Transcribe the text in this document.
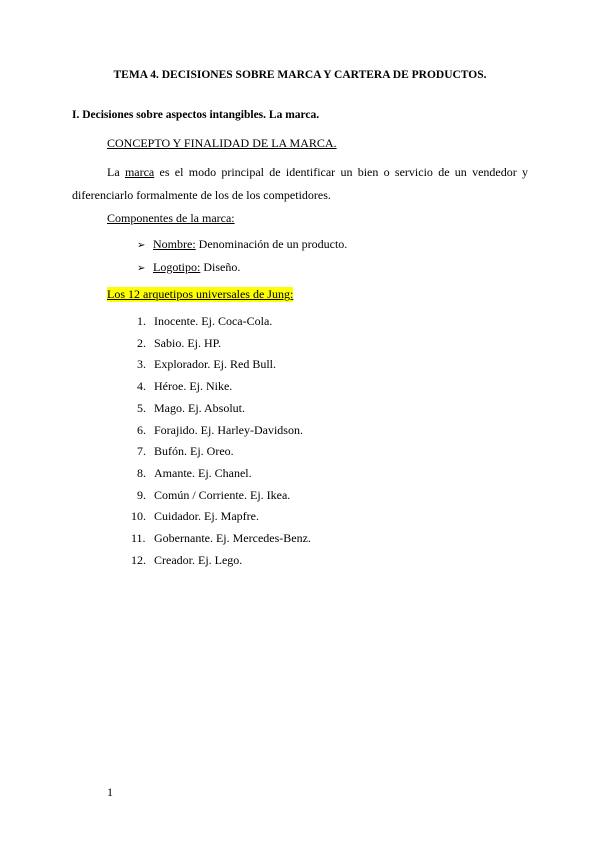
TEMA 4. DECISIONES SOBRE MARCA Y CARTERA DE PRODUCTOS.
I. Decisiones sobre aspectos intangibles. La marca.
CONCEPTO Y FINALIDAD DE LA MARCA.
La marca es el modo principal de identificar un bien o servicio de un vendedor y diferenciarlo formalmente de los de los competidores.
Componentes de la marca:
➢ Nombre: Denominación de un producto.
➢ Logotipo: Diseño.
Los 12 arquetipos universales de Jung:
1. Inocente. Ej. Coca-Cola.
2. Sabio. Ej. HP.
3. Explorador. Ej. Red Bull.
4. Héroe. Ej. Nike.
5. Mago. Ej. Absolut.
6. Forajido. Ej. Harley-Davidson.
7. Bufón. Ej. Oreo.
8. Amante. Ej. Chanel.
9. Común / Corriente. Ej. Ikea.
10. Cuidador. Ej. Mapfre.
11. Gobernante. Ej. Mercedes-Benz.
12. Creador. Ej. Lego.
1
